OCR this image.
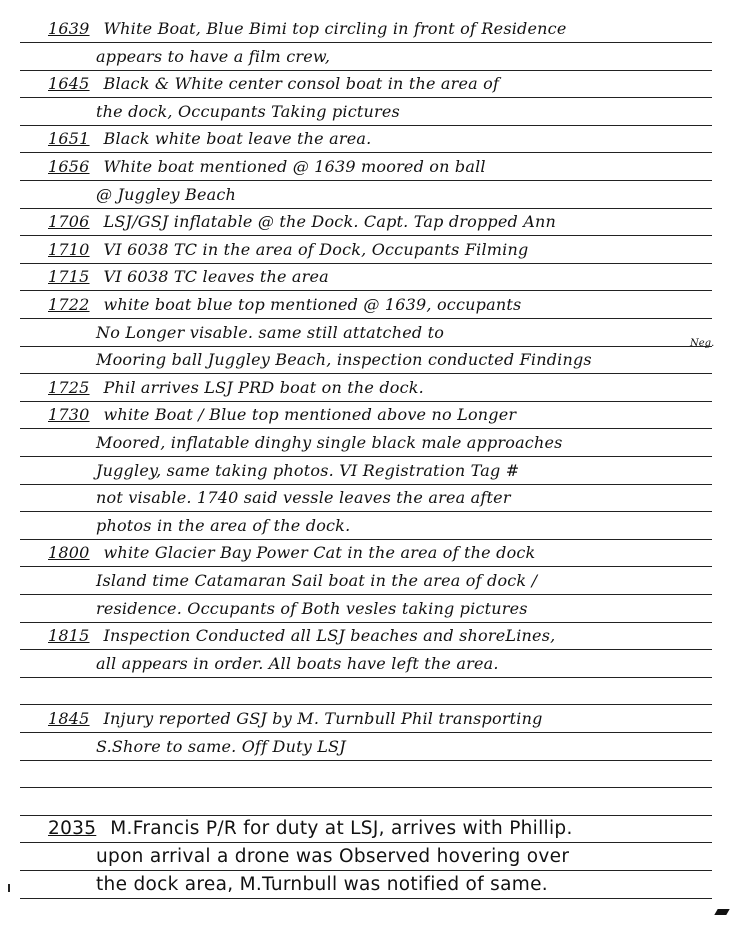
1639 White Boat, Blue Bimi top circling in front of Residence
appears to have a film crew,
1645 Black & White center consol boat in the area of
the dock, Occupants Taking pictures
1651 Black white boat leave the area.
1656 White boat mentioned @ 1639 moored on ball
@ Juggley Beach
1706 LSJ/GSJ inflatable @ the Dock. Capt. Tap dropped Ann
1710 VI 6038 TC in the area of Dock, Occupants Filming
1715 VI 6038 TC leaves the area
1722 white boat blue top mentioned @ 1639, occupants
No Longer visable. same still attatched to
Mooring ball Juggley Beach, inspection conducted Findings
1725 Phil arrives LSJ PRD boat on the dock.
1730 white Boat / Blue top mentioned above no Longer
Moored, inflatable dinghy single black male approaches
Juggley, same taking photos. VI Registration Tag #
not visable. 1740 said vessle leaves the area after
photos in the area of the dock.
1800 white Glacier Bay Power Cat in the area of the dock
Island time Catamaran Sail boat in the area of dock /
residence. Occupants of Both vesles taking pictures
1815 Inspection Conducted all LSJ beaches and shoreLines,
all appears in order. All boats have left the area.
1845 Injury reported GSJ by M. Turnbull Phil transporting
S.Shore to same. Off Duty LSJ
2035 M.Francis P/R for duty at LSJ, arrives with Phillip.
upon arrival a drone was Observed hovering over
the dock area, M.Turnbull was notified of same.
Neg.
